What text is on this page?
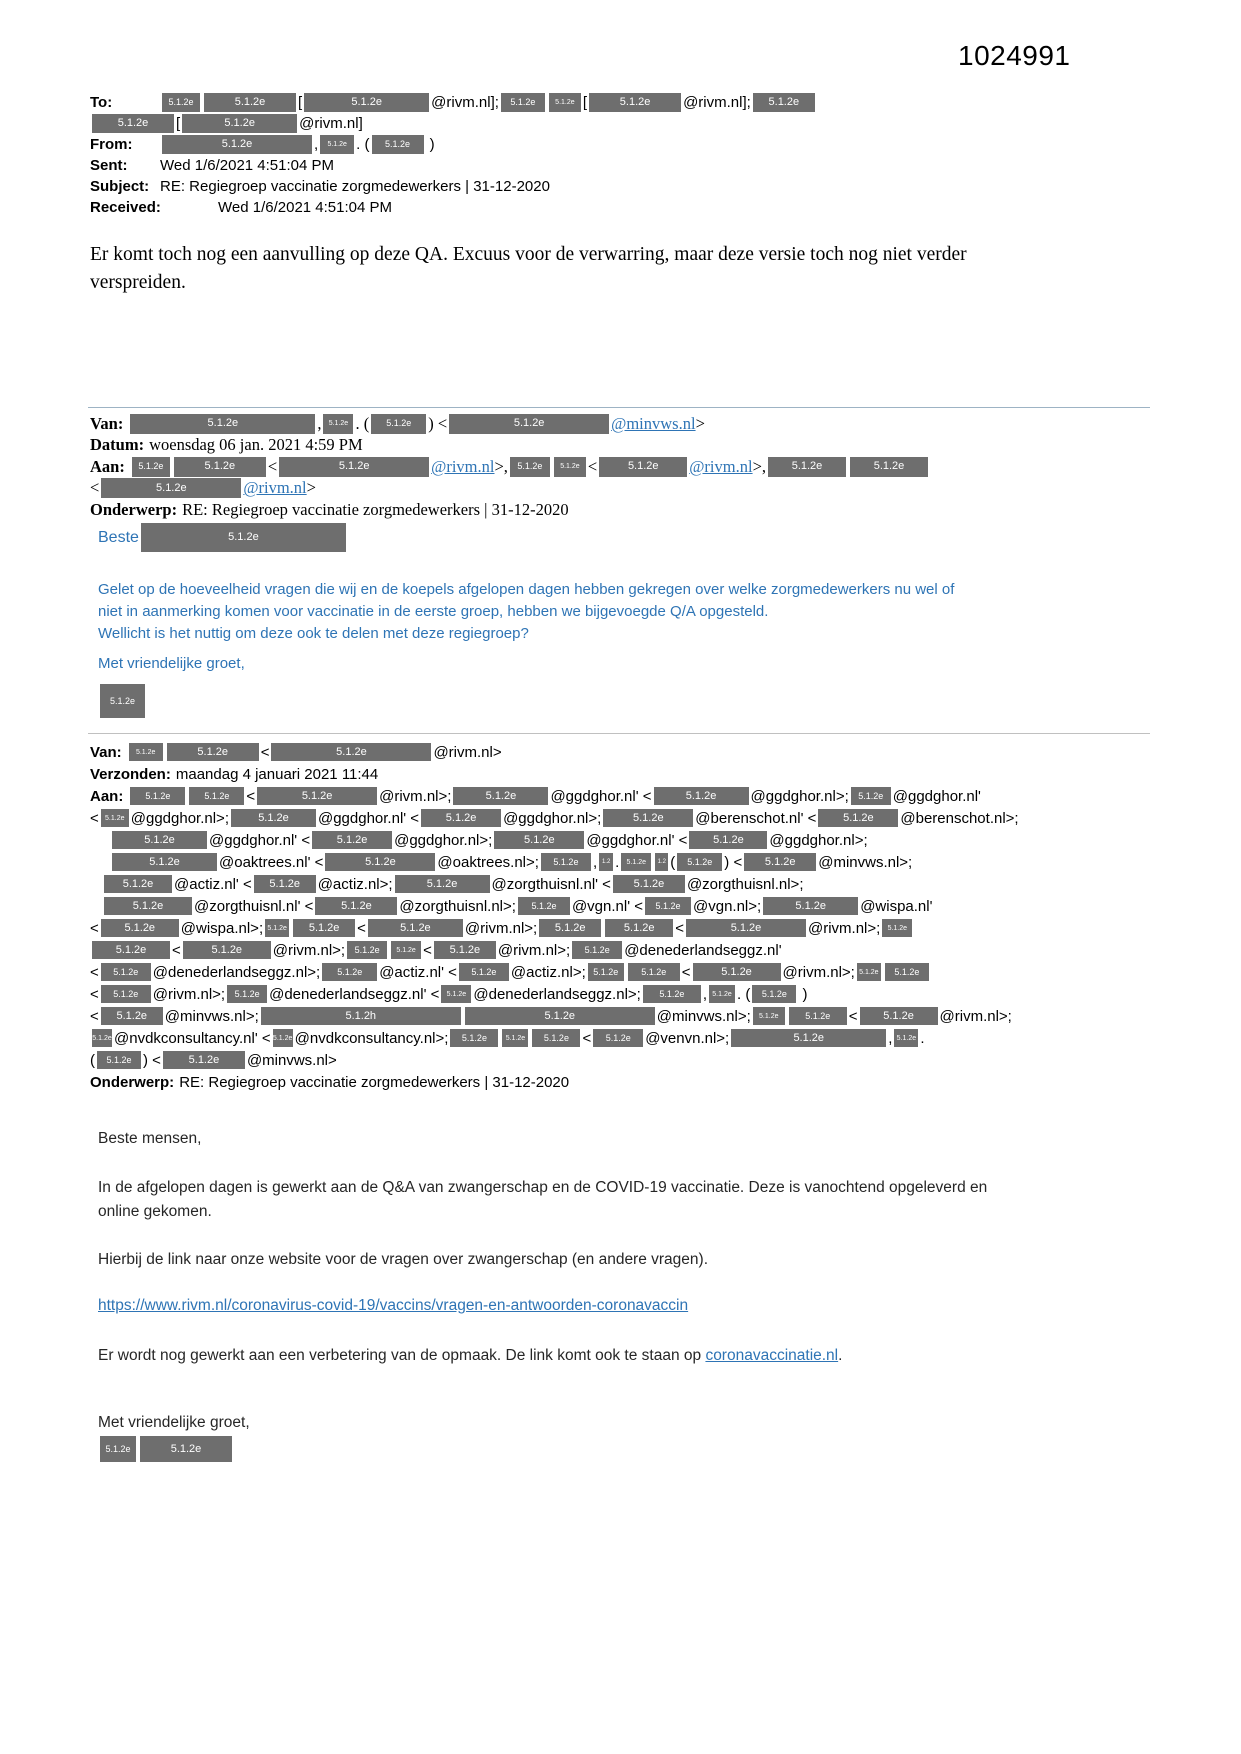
1024991
To:	5.1.2e	5.1.2e	[	5.1.2e	@rivm.nl];	5.1.2e	5.1.2e [	5.1.2e	@rivm.nl];	5.1.2e
5.1.2e	[	5.1.2e	@rivm.nl]
From:	5.1.2e	,	5.1.2e . (	5.1.2e	)
Sent:	Wed 1/6/2021 4:51:04 PM
Subject: RE: Regiegroep vaccinatie zorgmedewerkers | 31-12-2020
Received:	Wed 1/6/2021 4:51:04 PM
Er komt toch nog een aanvulling op deze QA. Excuus voor de verwarring, maar deze versie toch nog niet verder
verspreiden.
Van:	5.1.2e	,	5.1.2e . (	5.1.2e	) <	5.1.2e	@minvws.nl >
Datum: woensdag 06 jan. 2021 4:59 PM
Aan:	5.1.2e	5.1.2e	<	5.1.2e	@rivm.nl >,	5.1.2e	5.1.2e <	5.1.2e	@rivm.nl >,	5.1.2e	5.1.2e
<	5.1.2e	@rivm.nl >
Onderwerp: RE: Regiegroep vaccinatie zorgmedewerkers | 31-12-2020
Beste	5.1.2e
Gelet op de hoeveelheid vragen die wij en de koepels afgelopen dagen hebben gekregen over welke zorgmedewerkers nu wel of
niet in aanmerking komen voor vaccinatie in de eerste groep, hebben we bijgevoegde Q/A opgesteld.
Wellicht is het nuttig om deze ook te delen met deze regiegroep?
Met vriendelijke groet,
5.1.2e
Van:	5.1.2e	5.1.2e	<	5.1.2e	@rivm.nl>
Verzonden: maandag 4 januari 2021 11:44
Aan:	5.1.2e	5.1.2e	<	5.1.2e	@rivm.nl>;	5.1.2e	@ggdghor.nl' <	5.1.2e	@ggdghor.nl>;	5.1.2e @ggdghor.nl'
< 5.1.2e @ggdghor.nl>;	5.1.2e	@ggdghor.nl' <	5.1.2e	@ggdghor.nl>;	5.1.2e	@berenschot.nl' <	5.1.2e	@berenschot.nl>;
5.1.2e	@ggdghor.nl' <	5.1.2e	@ggdghor.nl>;	5.1.2e	@ggdghor.nl' <	5.1.2e	@ggdghor.nl>;
5.1.2e	@oaktrees.nl' <	5.1.2e	@oaktrees.nl>;	5.1.2e , 1.2 .	5.1.2e	1.2 (	5.1.2e ) <	5.1.2e	@minvws.nl>;
5.1.2e	@actiz.nl' <	5.1.2e	@actiz.nl>;	5.1.2e	@zorgthuisnl.nl' <	5.1.2e	@zorgthuisnl.nl>;
5.1.2e	@zorgthuisnl.nl' <	5.1.2e	@zorgthuisnl.nl>;	5.1.2e	@vgn.nl' <	5.1.2e @vgn.nl>;	5.1.2e	@wispa.nl'
<	5.1.2e	@wispa.nl>; 5.1.2e	5.1.2e	<	5.1.2e	@rivm.nl>;	5.1.2e	5.1.2e	<	5.1.2e	@rivm.nl>;	5.1.2e
5.1.2e	<	5.1.2e	@rivm.nl>;	5.1.2e	5.1.2e <	5.1.2e	@rivm.nl>;	5.1.2e @denederlandseggz.nl'
<	5.1.2e @denederlandseggz.nl>;	5.1.2e	@actiz.nl' <	5.1.2e @actiz.nl>; 5.1.2e	5.1.2e	<	5.1.2e	@rivm.nl>; 5.1.2e	5.1.2e
<	5.1.2e @rivm.nl>;	5.1.2e @denederlandseggz.nl' <	5.1.2e @denederlandseggz.nl>;	5.1.2e	, 5.1.2e . (	5.1.2e )
<	5.1.2e	@minvws.nl>;	5.1.2h	5.1.2e	@minvws.nl>;	5.1.2e	5.1.2e	<	5.1.2e	@rivm.nl>;
5.1.2e @nvdkconsultancy.nl' < 5.1.2e @nvdkconsultancy.nl>;	5.1.2e	5.1.2e	5.1.2e <	5.1.2e @venvn.nl>;	5.1.2e	, 5.1.2e .
(	5.1.2e ) <	5.1.2e	@minvws.nl>
Onderwerp: RE: Regiegroep vaccinatie zorgmedewerkers | 31-12-2020
Beste mensen,
In de afgelopen dagen is gewerkt aan de Q&A van zwangerschap en de COVID-19 vaccinatie. Deze is vanochtend opgeleverd en
online gekomen.
Hierbij de link naar onze website voor de vragen over zwangerschap (en andere vragen).
https://www.rivm.nl/coronavirus-covid-19/vaccins/vragen-en-antwoorden-coronavaccin
Er wordt nog gewerkt aan een verbetering van de opmaak. De link komt ook te staan op coronavaccinatie.nl .
Met vriendelijke groet,
5.1.2e	5.1.2e
